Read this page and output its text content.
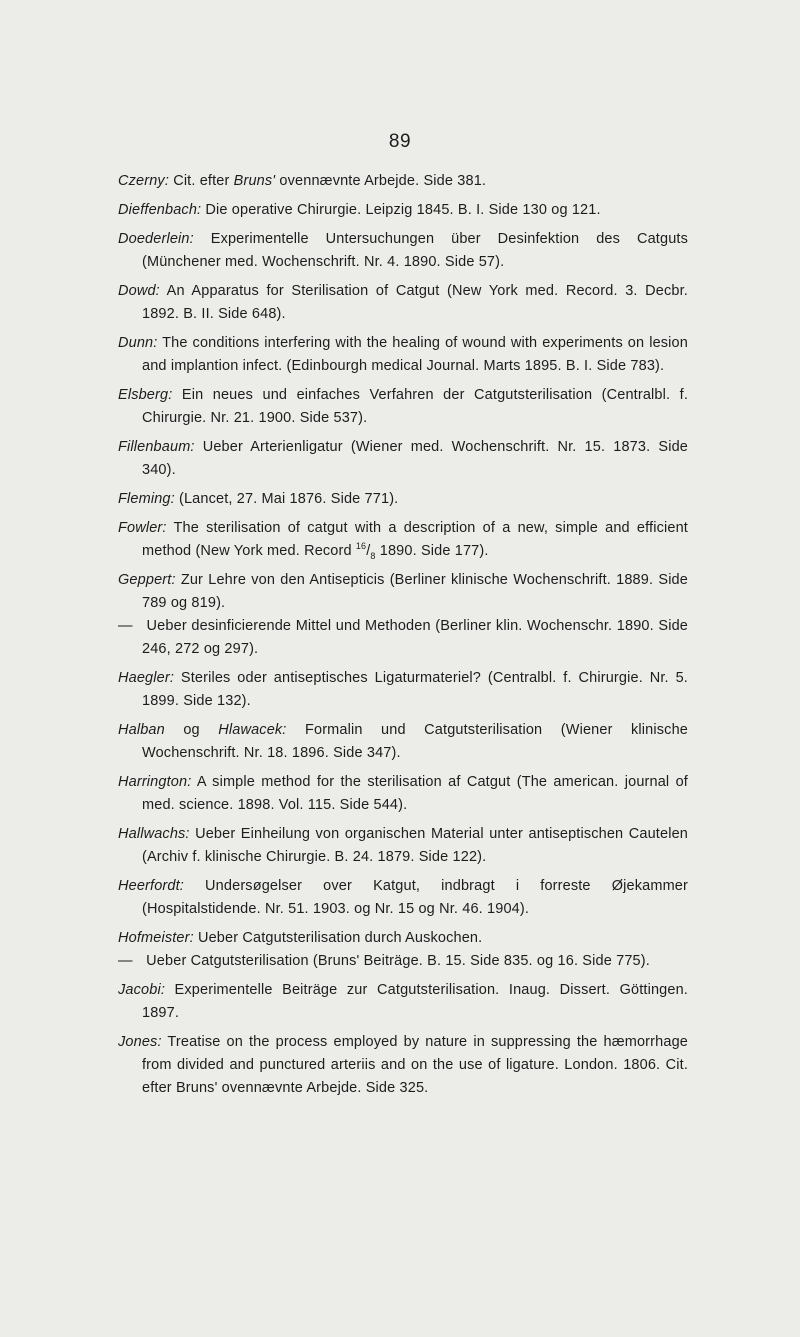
89

Czerny: Cit. efter Bruns' ovennævnte Arbejde. Side 381.

Dieffenbach: Die operative Chirurgie. Leipzig 1845. B. I. Side 130 og 121.

Doederlein: Experimentelle Untersuchungen über Desinfektion des Catguts (Münchener med. Wochenschrift. Nr. 4. 1890. Side 57).

Dowd: An Apparatus for Sterilisation of Catgut (New York med. Record. 3. Decbr. 1892. B. II. Side 648).

Dunn: The conditions interfering with the healing of wound with experiments on lesion and implantion infect. (Edinbourgh medical Journal. Marts 1895. B. I. Side 783).

Elsberg: Ein neues und einfaches Verfahren der Catgutsterilisation (Centralbl. f. Chirurgie. Nr. 21. 1900. Side 537).

Fillenbaum: Ueber Arterienligatur (Wiener med. Wochenschrift. Nr. 15. 1873. Side 340).

Fleming: (Lancet, 27. Mai 1876. Side 771).

Fowler: The sterilisation of catgut with a description of a new, simple and efficient method (New York med. Record $^{16}/_8$ 1890. Side 177).

Geppert: Zur Lehre von den Antisepticis (Berliner klinische Wochenschrift. 1889. Side 789 og 819).

— Ueber desinficierende Mittel und Methoden (Berliner klin. Wochenschr. 1890. Side 246, 272 og 297).

Haegler: Steriles oder antiseptisches Ligaturmateriel? (Centralbl. f. Chirurgie. Nr. 5. 1899. Side 132).

Halban og Hlawacek: Formalin und Catgutsterilisation (Wiener klinische Wochenschrift. Nr. 18. 1896. Side 347).

Harrington: A simple method for the sterilisation af Catgut (The american. journal of med. science. 1898. Vol. 115. Side 544).

Hallwachs: Ueber Einheilung von organischen Material unter antiseptischen Cautelen (Archiv f. klinische Chirurgie. B. 24. 1879. Side 122).

Heerfordt: Undersøgelser over Katgut, indbragt i forreste Øjekammer (Hospitalstidende. Nr. 51. 1903. og Nr. 15 og Nr. 46. 1904).

Hofmeister: Ueber Catgutsterilisation durch Auskochen.

— Ueber Catgutsterilisation (Bruns' Beiträge. B. 15. Side 835. og 16. Side 775).

Jacobi: Experimentelle Beiträge zur Catgutsterilisation. Inaug. Dissert. Göttingen. 1897.

Jones: Treatise on the process employed by nature in suppressing the hæmorrhage from divided and punctured arteriis and on the use of ligature. London. 1806. Cit. efter Bruns' ovennævnte Arbejde. Side 325.
